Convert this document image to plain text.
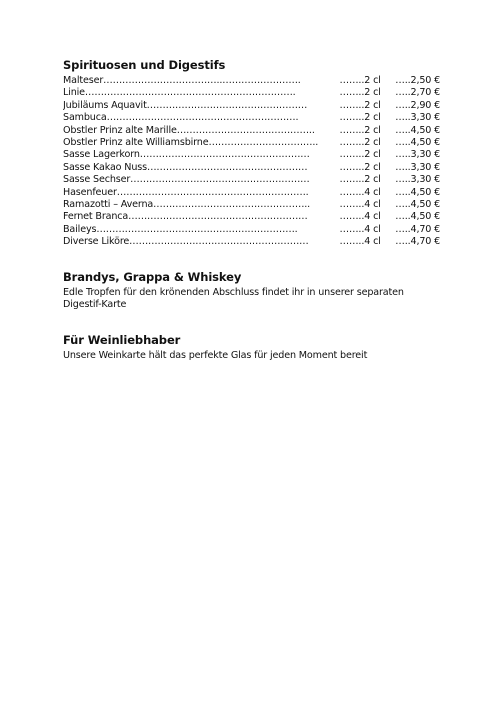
Spirituosen und Digestifs
Malteser………………………………..…………………….	……..2 cl	…..2,50 €
Linie………………………………………………………….	……..2 cl	…..2,70 €
Jubiläums Aquavit……………………………………………	……..2 cl	…..2,90 €
Sambuca…………………………………………………….	……..2 cl	…..3,30 €
Obstler Prinz alte Marille……………………………………..	……..2 cl	…..4,50 €
Obstler Prinz alte Williamsbirne……………………………..	……..2 cl	…..4,50 €
Sasse Lagerkorn………………………………………………	……..2 cl	…..3,30 €
Sasse Kakao Nuss……………………………………………	……..2 cl	…..3,30 €
Sasse Sechser…………………………………………………	……..2 cl	…..3,30 €
Hasenfeuer…………………………………………………….	……..4 cl	…..4,50 €
Ramazotti – Averna…………………………………………..	……..4 cl	…..4,50 €
Fernet Branca…………………………………………………	……..4 cl	…..4,50 €
Baileys……………………………………………………….	……..4 cl	…..4,70 €
Diverse Liköre…………………………………………………	……..4 cl	…..4,70 €
Brandys, Grappa & Whiskey

Edle Tropfen für den krönenden Abschluss findet ihr in unserer separaten Digestif-Karte

Für Weinliebhaber

Unsere Weinkarte hält das perfekte Glas für jeden Moment bereit
